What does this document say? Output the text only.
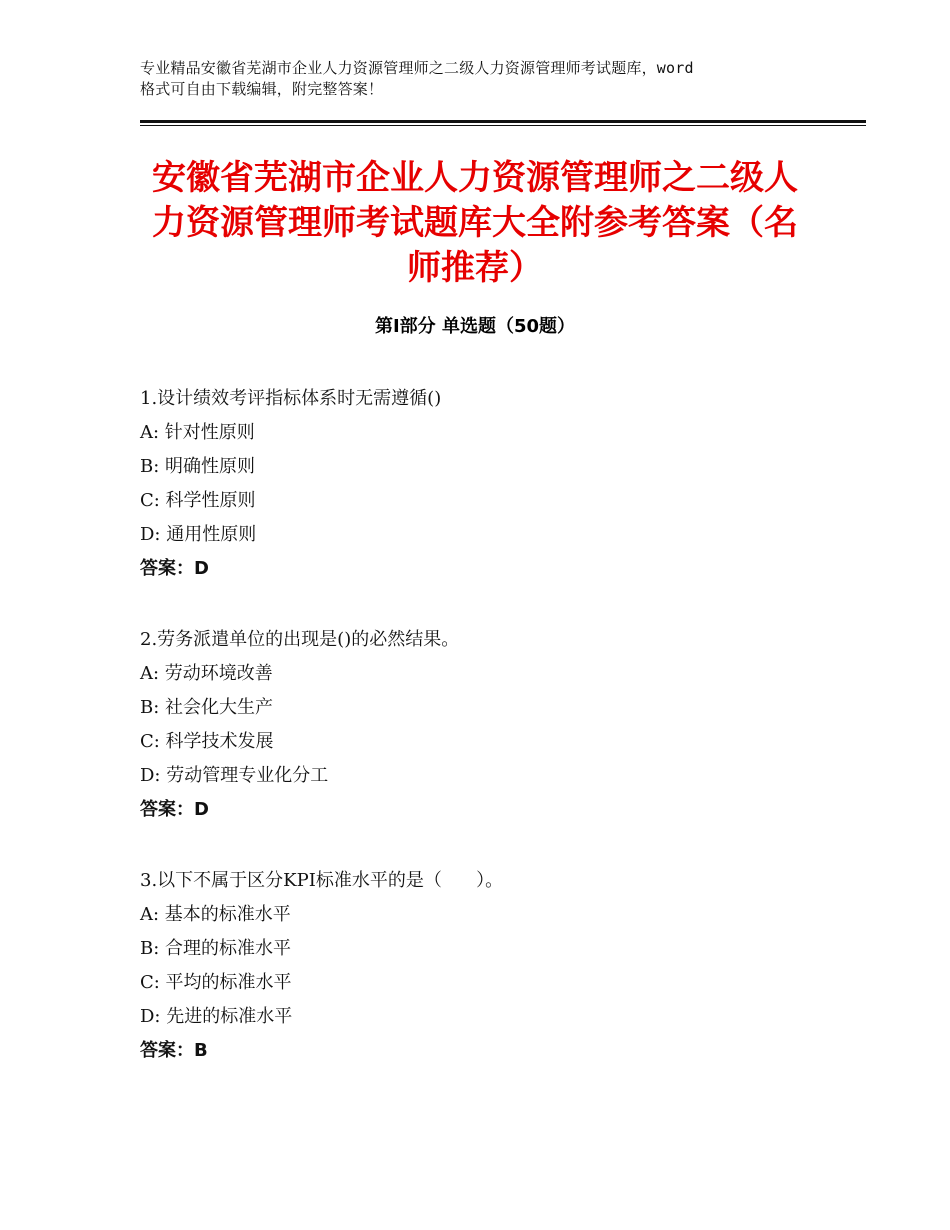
专业精品安徽省芜湖市企业人力资源管理师之二级人力资源管理师考试题库，word
格式可自由下载编辑，附完整答案！
安徽省芜湖市企业人力资源管理师之二级人
力资源管理师考试题库大全附参考答案（名
师推荐）
第Ⅰ部分 单选题（50题）
1.设计绩效考评指标体系时无需遵循()
A: 针对性原则
B: 明确性原则
C: 科学性原则
D: 通用性原则
答案：D
2.劳务派遣单位的出现是()的必然结果。
A: 劳动环境改善
B: 社会化大生产
C: 科学技术发展
D: 劳动管理专业化分工
答案：D
3.以下不属于区分KPI标准水平的是（      ）。
A: 基本的标准水平
B: 合理的标准水平
C: 平均的标准水平
D: 先进的标准水平
答案：B
